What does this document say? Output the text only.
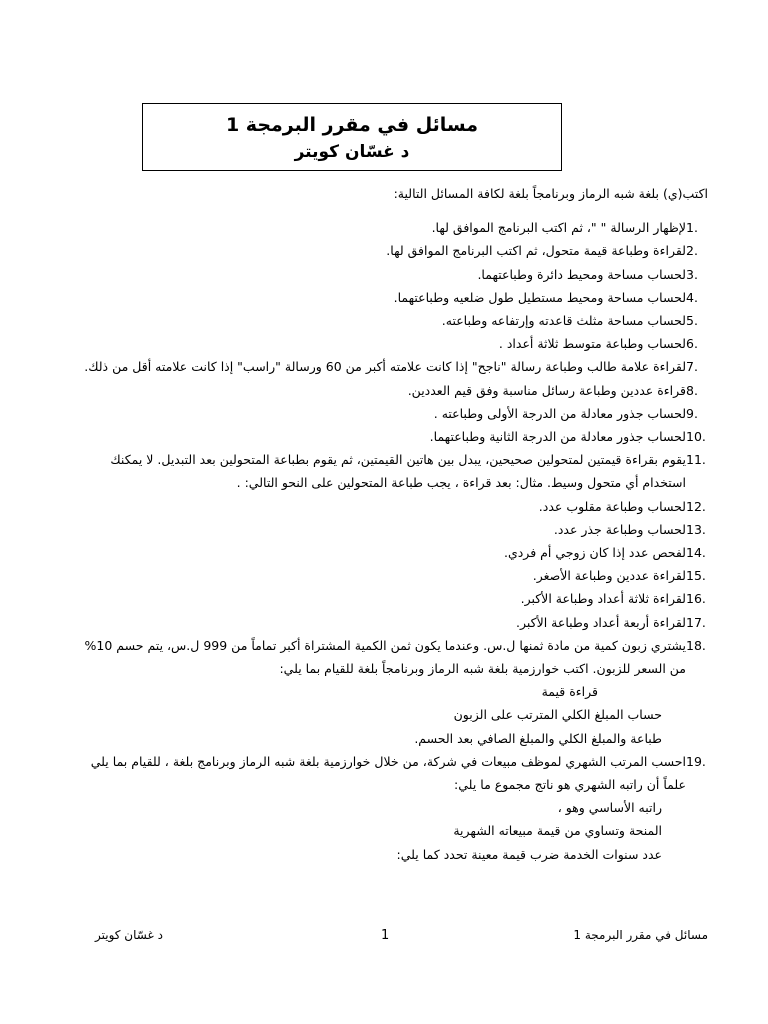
مسائل في مقرر البرمجة 1
د غسّان كويتر
اكتب(ي) بلغة شبه الرماز وبرنامجاً بلغة لكافة المسائل التالية:
1.
لإظهار الرسالة " "، ثم اكتب البرنامج الموافق لها.
2.
لقراءة وطباعة قيمة متحول، ثم اكتب البرنامج الموافق لها.
3.
لحساب مساحة ومحيط دائرة وطباعتهما.
4.
لحساب مساحة ومحيط مستطيل طول ضلعيه وطباعتهما.
5.
لحساب مساحة مثلث قاعدته وإرتفاعه وطباعته.
6.
لحساب وطباعة متوسط ثلاثة أعداد .
7.
لقراءة علامة طالب وطباعة رسالة "ناجح" إذا كانت علامته أكبر من 60 ورسالة "راسب" إذا كانت علامته أقل من ذلك.
8.
قراءة عددين وطباعة رسائل مناسبة وفق قيم العددين.
9.
لحساب جذور معادلة من الدرجة الأولى وطباعته .
10.
لحساب جذور معادلة من الدرجة الثانية وطباعتهما.
11.
يقوم بقراءة قيمتين لمتحولين صحيحين، يبدل بين هاتين القيمتين، ثم يقوم بطباعة المتحولين بعد التبديل. لا يمكنك استخدام أي متحول وسيط. مثال: بعد قراءة ، يجب طباعة المتحولين على النحو التالي: .
12.
لحساب وطباعة مقلوب عدد.
13.
لحساب وطباعة جذر عدد.
14.
لفحص عدد إذا كان زوجي أم فردي.
15.
لقراءة عددين وطباعة الأصغر.
16.
لقراءة ثلاثة أعداد وطباعة الأكبر.
17.
لقراءة أربعة أعداد وطباعة الأكبر.
18.
يشتري زبون كمية من مادة ثمنها ل.س. وعندما يكون ثمن الكمية المشتراة أكبر تماماً من 999 ل.س، يتم حسم 10% من السعر للزبون. اكتب خوارزمية بلغة شبه الرماز وبرنامجاً بلغة للقيام بما يلي:
قراءة قيمة
حساب المبلغ الكلي المترتب على الزبون
طباعة والمبلغ الكلي والمبلغ الصافي بعد الحسم.
19.
احسب المرتب الشهري لموظف مبيعات في شركة، من خلال خوارزمية بلغة شبه الرماز وبرنامج بلغة ، للقيام بما يلي علماً أن راتبه الشهري هو ناتج مجموع ما يلي:
راتبه الأساسي وهو ،
المنحة وتساوي من قيمة مبيعاته الشهرية
عدد سنوات الخدمة ضرب قيمة معينة تحدد كما يلي:
د غسّان كويتر	1	مسائل في مقرر البرمجة 1
